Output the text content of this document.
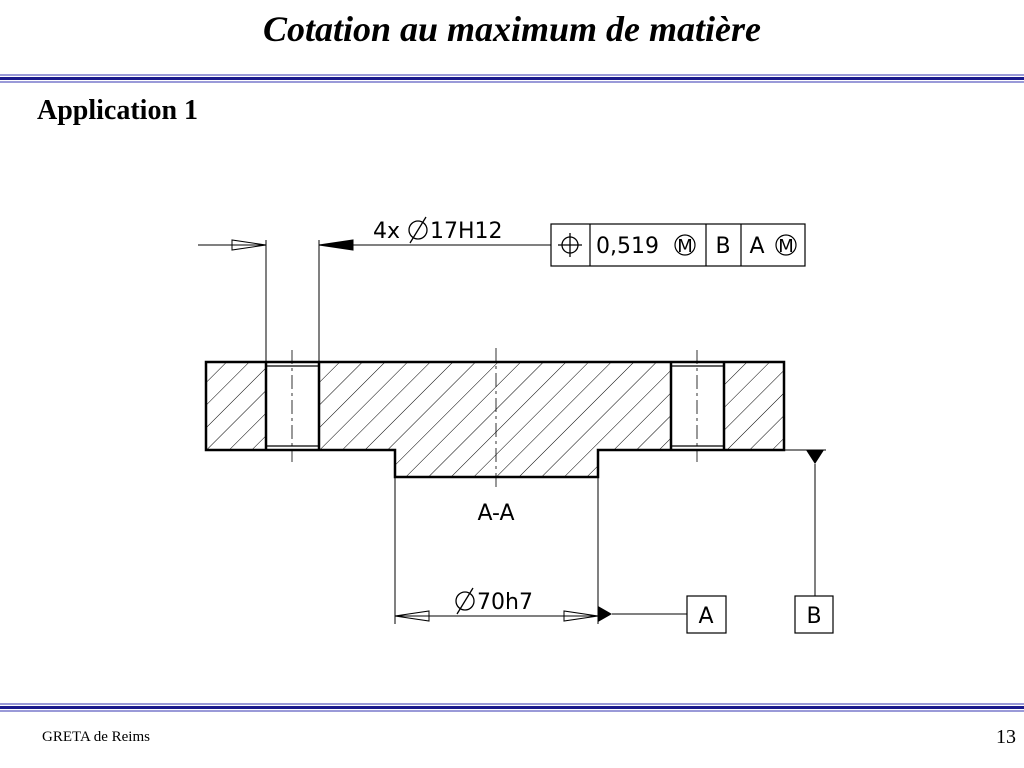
Cotation au maximum de matière
Application 1
4x 17H12
0,519 M B A M
A-A
70h7
A	B
GRETA de Reims	13
